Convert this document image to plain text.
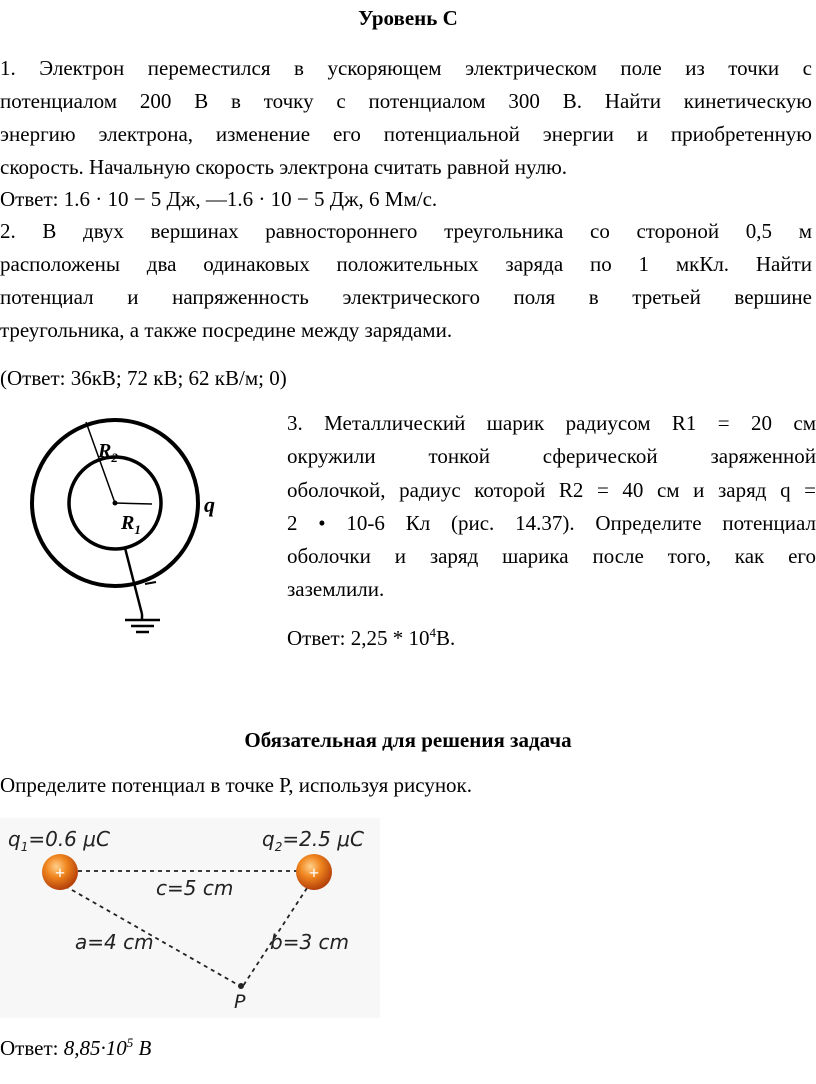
Уровень С
1. Электрон переместился в ускоряющем электрическом поле из точки с
потенциалом 200 В в точку с потенциалом 300 В. Найти кинетическую
энергию электрона, изменение его потенциальной энергии и приобретенную
скорость. Начальную скорость электрона считать равной нулю.
Ответ: 1.6 · 10 − 5 Дж, —1.6 · 10 − 5 Дж, 6 Мм/с.
2. В двух вершинах равностороннего треугольника со стороной 0,5 м
расположены два одинаковых положительных заряда по 1 мкКл. Найти
потенциал и напряженность электрического поля в третьей вершине
треугольника, а также посредине между зарядами.
(Ответ: 36кВ; 72 кВ; 62 кВ/м; 0)
$R_2$
$R_1$
q
3. Металлический шарик радиусом R1 = 20 см
окружили тонкой сферической заряженной
оболочкой, радиус которой R2 = 40 см и заряд q =
2 • 10-6 Кл (рис. 14.37). Определите потенциал
оболочки и заряд шарика после того, как его
заземлили.
Ответ: $2,25 * 10^4В$.
Обязательная для решения задача
Определите потенциал в точке Р, используя рисунок.
+	+
$q_1=0.6$ μC	$q_2=2.5$ μC
c=5 cm
a=4 cm	b=3 cm
P
Ответ: $8,85\cdot 10^5$ B
